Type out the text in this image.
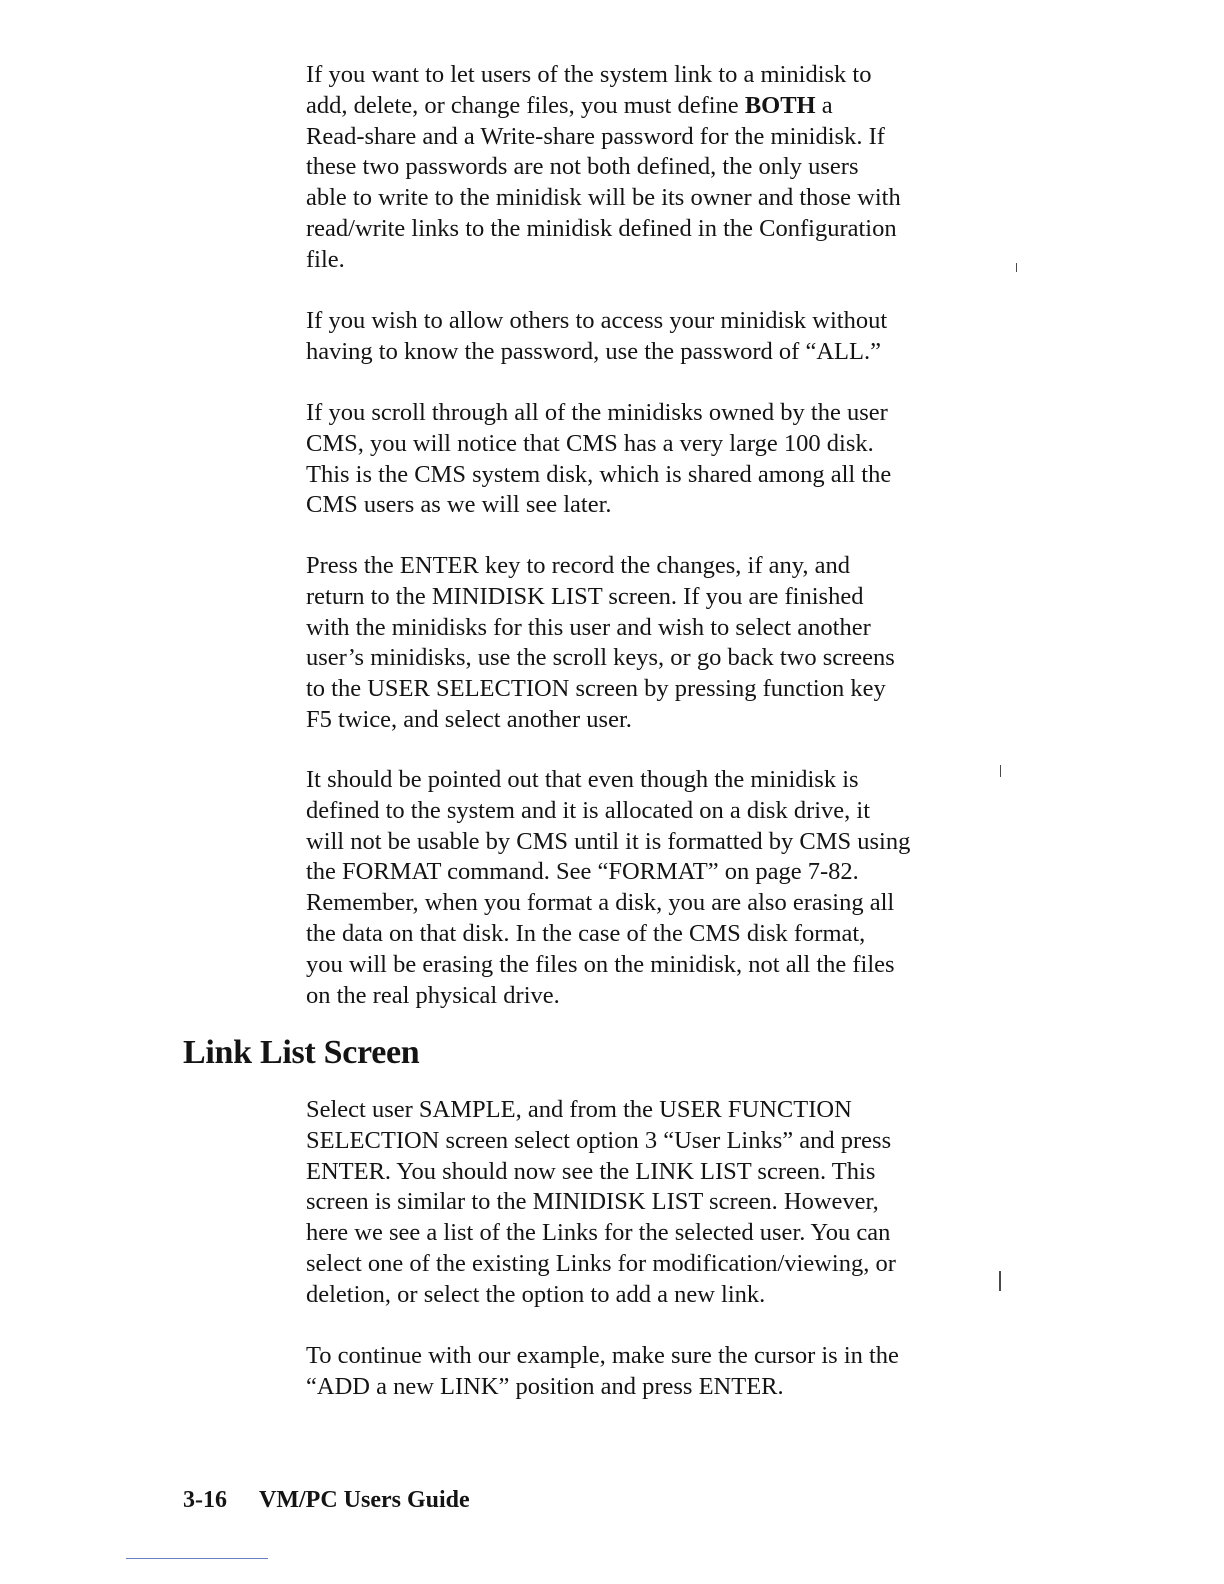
If you want to let users of the system link to a minidisk to
add, delete, or change files, you must define BOTH a
Read-share and a Write-share password for the minidisk. If
these two passwords are not both defined, the only users
able to write to the minidisk will be its owner and those with
read/write links to the minidisk defined in the Configuration
file.
If you wish to allow others to access your minidisk without
having to know the password, use the password of “ALL.”
If you scroll through all of the minidisks owned by the user
CMS, you will notice that CMS has a very large 100 disk.
This is the CMS system disk, which is shared among all the
CMS users as we will see later.
Press the ENTER key to record the changes, if any, and
return to the MINIDISK LIST screen. If you are finished
with the minidisks for this user and wish to select another
user’s minidisks, use the scroll keys, or go back two screens
to the USER SELECTION screen by pressing function key
F5 twice, and select another user.
It should be pointed out that even though the minidisk is
defined to the system and it is allocated on a disk drive, it
will not be usable by CMS until it is formatted by CMS using
the FORMAT command. See “FORMAT” on page 7-82.
Remember, when you format a disk, you are also erasing all
the data on that disk. In the case of the CMS disk format,
you will be erasing the files on the minidisk, not all the files
on the real physical drive.
Link List Screen
Select user SAMPLE, and from the USER FUNCTION
SELECTION screen select option 3 “User Links” and press
ENTER. You should now see the LINK LIST screen. This
screen is similar to the MINIDISK LIST screen. However,
here we see a list of the Links for the selected user. You can
select one of the existing Links for modification/viewing, or
deletion, or select the option to add a new link.
To continue with our example, make sure the cursor is in the
“ADD a new LINK” position and press ENTER.
3-16 VM/PC Users Guide
